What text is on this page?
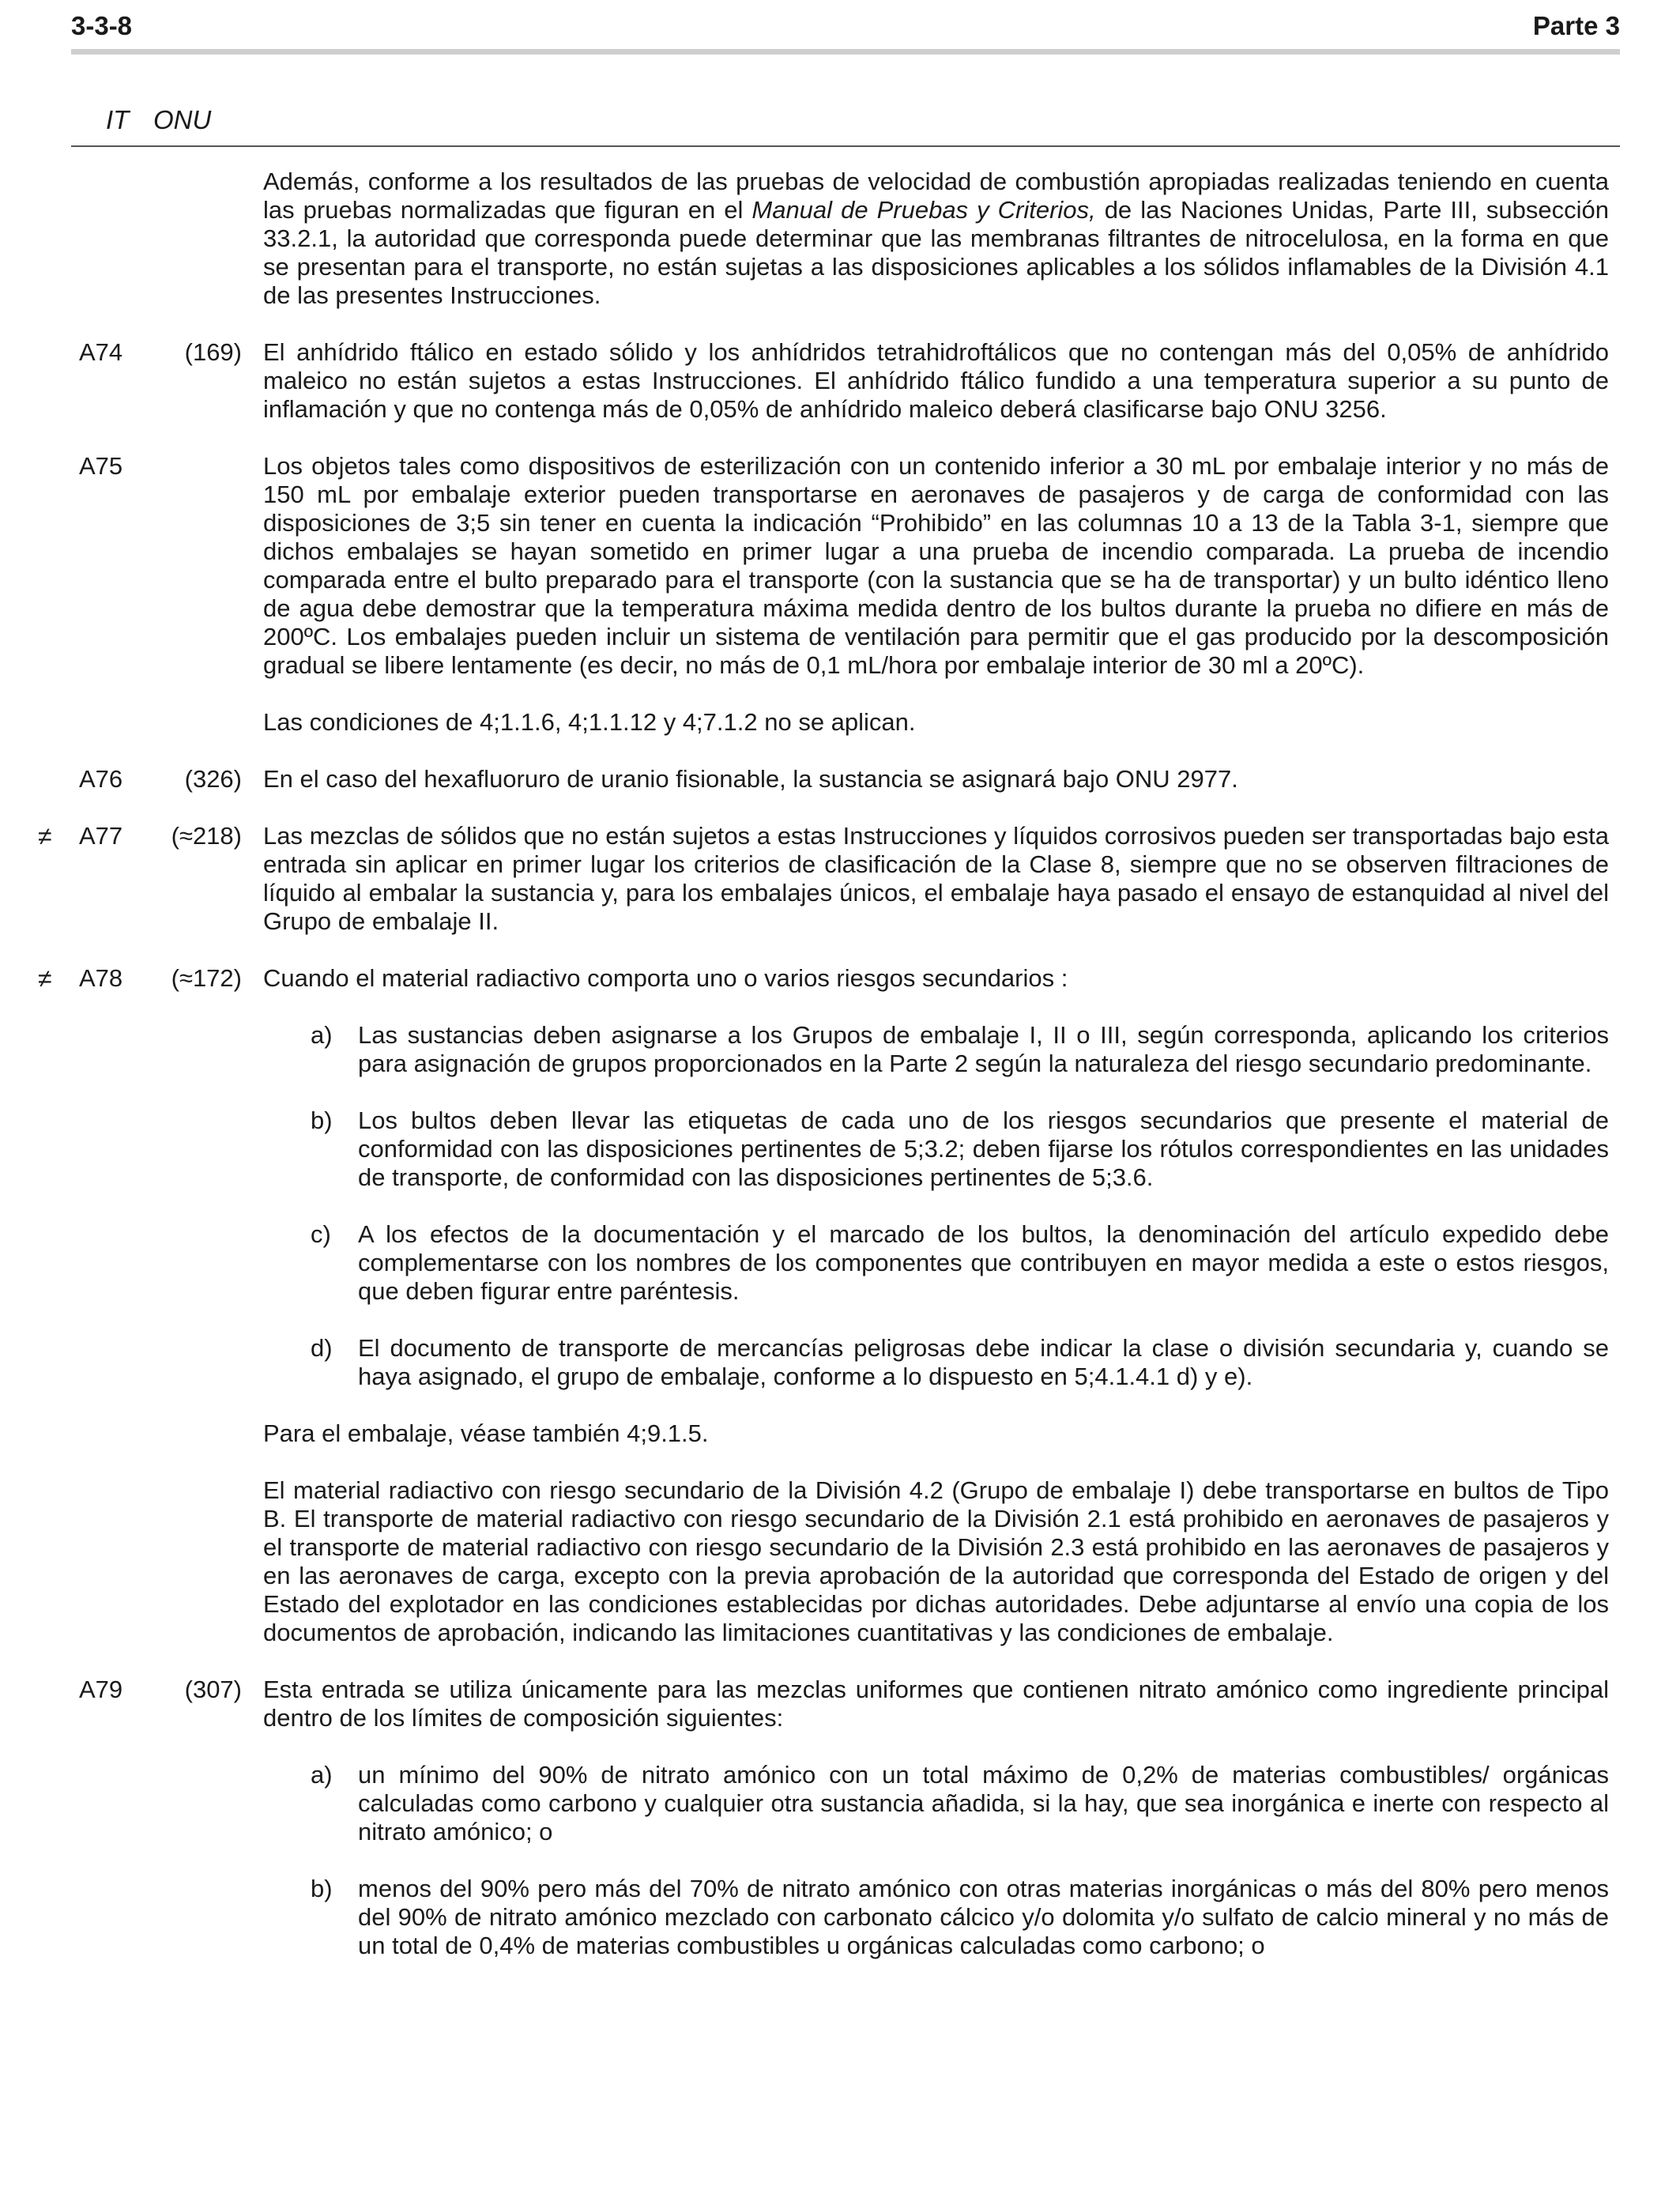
3-3-8	Parte 3
IT ONU

Además, conforme a los resultados de las pruebas de velocidad de combustión apropiadas realizadas teniendo en cuenta las pruebas normalizadas que figuran en el Manual de Pruebas y Criterios, de las Naciones Unidas, Parte III, subsección 33.2.1, la autoridad que corresponda puede determinar que las membranas filtrantes de nitrocelulosa, en la forma en que se presentan para el transporte, no están sujetas a las disposiciones aplicables a los sólidos inflamables de la División 4.1 de las presentes Instrucciones.

A74	(169) El anhídrido ftálico en estado sólido y los anhídridos tetrahidroftálicos que no contengan más del 0,05% de anhídrido maleico no están sujetos a estas Instrucciones. El anhídrido ftálico fundido a una temperatura superior a su punto de inflamación y que no contenga más de 0,05% de anhídrido maleico deberá clasificarse bajo ONU 3256.

A75	Los objetos tales como dispositivos de esterilización con un contenido inferior a 30 mL por embalaje interior y no más de 150 mL por embalaje exterior pueden transportarse en aeronaves de pasajeros y de carga de conformidad con las disposiciones de 3;5 sin tener en cuenta la indicación “Prohibido” en las columnas 10 a 13 de la Tabla 3-1, siempre que dichos embalajes se hayan sometido en primer lugar a una prueba de incendio comparada. La prueba de incendio comparada entre el bulto preparado para el transporte (con la sustancia que se ha de transportar) y un bulto idéntico lleno de agua debe demostrar que la temperatura máxima medida dentro de los bultos durante la prueba no difiere en más de 200ºC. Los embalajes pueden incluir un sistema de ventilación para permitir que el gas producido por la descomposición gradual se libere lentamente (es decir, no más de 0,1 mL/hora por embalaje interior de 30 ml a 20ºC).

Las condiciones de 4;1.1.6, 4;1.1.12 y 4;7.1.2 no se aplican.

A76	(326) En el caso del hexafluoruro de uranio fisionable, la sustancia se asignará bajo ONU 2977.

≠ A77	(≈218) Las mezclas de sólidos que no están sujetos a estas Instrucciones y líquidos corrosivos pueden ser transportadas bajo esta entrada sin aplicar en primer lugar los criterios de clasificación de la Clase 8, siempre que no se observen filtraciones de líquido al embalar la sustancia y, para los embalajes únicos, el embalaje haya pasado el ensayo de estanquidad al nivel del Grupo de embalaje II.

≠ A78	(≈172) Cuando el material radiactivo comporta uno o varios riesgos secundarios :

a) Las sustancias deben asignarse a los Grupos de embalaje I, II o III, según corresponda, aplicando los criterios para asignación de grupos proporcionados en la Parte 2 según la naturaleza del riesgo secundario predominante.
b) Los bultos deben llevar las etiquetas de cada uno de los riesgos secundarios que presente el material de conformidad con las disposiciones pertinentes de 5;3.2; deben fijarse los rótulos correspondientes en las unidades de transporte, de conformidad con las disposiciones pertinentes de 5;3.6.
c) A los efectos de la documentación y el marcado de los bultos, la denominación del artículo expedido debe complementarse con los nombres de los componentes que contribuyen en mayor medida a este o estos riesgos, que deben figurar entre paréntesis.
d) El documento de transporte de mercancías peligrosas debe indicar la clase o división secundaria y, cuando se haya asignado, el grupo de embalaje, conforme a lo dispuesto en 5;4.1.4.1 d) y e).

Para el embalaje, véase también 4;9.1.5.

El material radiactivo con riesgo secundario de la División 4.2 (Grupo de embalaje I) debe transportarse en bultos de Tipo B. El transporte de material radiactivo con riesgo secundario de la División 2.1 está prohibido en aeronaves de pasajeros y el transporte de material radiactivo con riesgo secundario de la División 2.3 está prohibido en las aeronaves de pasajeros y en las aeronaves de carga, excepto con la previa aprobación de la autoridad que corresponda del Estado de origen y del Estado del explotador en las condiciones establecidas por dichas autoridades. Debe adjuntarse al envío una copia de los documentos de aprobación, indicando las limitaciones cuantitativas y las condiciones de embalaje.

A79	(307) Esta entrada se utiliza únicamente para las mezclas uniformes que contienen nitrato amónico como ingrediente principal dentro de los límites de composición siguientes:

a) un mínimo del 90% de nitrato amónico con un total máximo de 0,2% de materias combustibles/ orgánicas calculadas como carbono y cualquier otra sustancia añadida, si la hay, que sea inorgánica e inerte con respecto al nitrato amónico; o
b) menos del 90% pero más del 70% de nitrato amónico con otras materias inorgánicas o más del 80% pero menos del 90% de nitrato amónico mezclado con carbonato cálcico y/o dolomita y/o sulfato de calcio mineral y no más de un total de 0,4% de materias combustibles u orgánicas calculadas como carbono; o
